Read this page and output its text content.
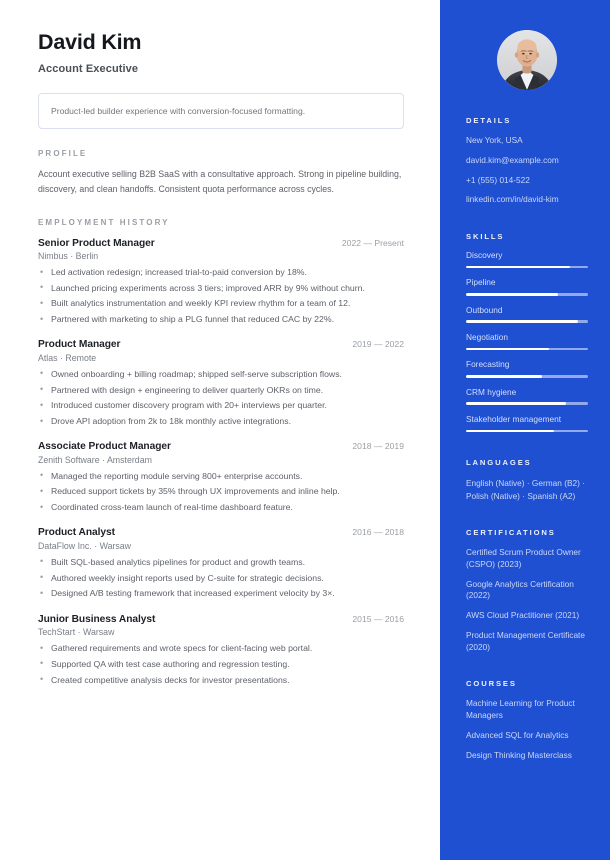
David Kim
Account Executive
Product-led builder experience with conversion-focused formatting.
PROFILE
Account executive selling B2B SaaS with a consultative approach. Strong in pipeline building, discovery, and clean handoffs. Consistent quota performance across cycles.
EMPLOYMENT HISTORY
Senior Product Manager	2022 — Present
Nimbus · Berlin
• Led activation redesign; increased trial-to-paid conversion by 18%.
• Launched pricing experiments across 3 tiers; improved ARR by 9% without churn.
• Built analytics instrumentation and weekly KPI review rhythm for a team of 12.
• Partnered with marketing to ship a PLG funnel that reduced CAC by 22%.
Product Manager	2019 — 2022
Atlas · Remote
• Owned onboarding + billing roadmap; shipped self-serve subscription flows.
• Partnered with design + engineering to deliver quarterly OKRs on time.
• Introduced customer discovery program with 20+ interviews per quarter.
• Drove API adoption from 2k to 18k monthly active integrations.
Associate Product Manager	2018 — 2019
Zenith Software · Amsterdam
• Managed the reporting module serving 800+ enterprise accounts.
• Reduced support tickets by 35% through UX improvements and inline help.
• Coordinated cross-team launch of real-time dashboard feature.
Product Analyst	2016 — 2018
DataFlow Inc. · Warsaw
• Built SQL-based analytics pipelines for product and growth teams.
• Authored weekly insight reports used by C-suite for strategic decisions.
• Designed A/B testing framework that increased experiment velocity by 3×.
Junior Business Analyst	2015 — 2016
TechStart · Warsaw
• Gathered requirements and wrote specs for client-facing web portal.
• Supported QA with test case authoring and regression testing.
• Created competitive analysis decks for investor presentations.
DETAILS
New York, USA
david.kim@example.com
+1 (555) 014-522
linkedin.com/in/david-kim
SKILLS
Discovery
Pipeline
Outbound
Negotiation
Forecasting
CRM hygiene
Stakeholder management
LANGUAGES
English (Native) · German (B2) · Polish (Native) · Spanish (A2)
CERTIFICATIONS
Certified Scrum Product Owner (CSPO) (2023)
Google Analytics Certification (2022)
AWS Cloud Practitioner (2021)
Product Management Certificate (2020)
COURSES
Machine Learning for Product Managers
Advanced SQL for Analytics
Design Thinking Masterclass
